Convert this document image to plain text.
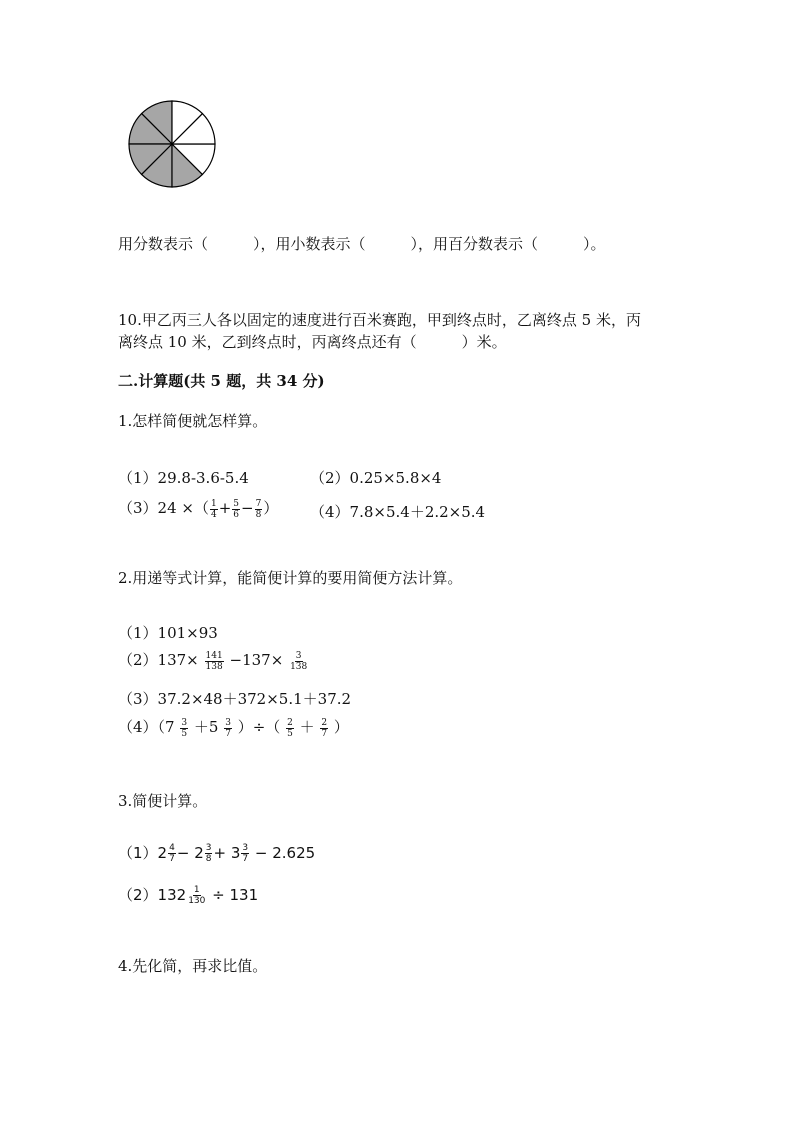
用分数表示（　　　），用小数表示（　　　），用百分数表示（　　　）。
10.甲乙丙三人各以固定的速度进行百米赛跑，甲到终点时，乙离终点 5 米，丙
离终点 10 米，乙到终点时，丙离终点还有（　　　）米。
二.计算题(共 5 题，共 34 分)
1.怎样简便就怎样算。
（1）29.8-3.6-5.4	（2）0.25×5.8×4
（3）24 ×（ $\frac{1}{4} + \frac{5}{6} - \frac{7}{8}$ ） （4）7.8×5.4＋2.2×5.4
2.用递等式计算，能简便计算的要用简便方法计算。
（1）101×93
$(2)137\times \frac{141}{138} -137\times \frac{3}{138}$
（3）37.2×48＋372×5.1＋37.2
$(4)(7 \frac{3}{5} +5 \frac{3}{7}$ ）÷（ $\frac{2}{5} + \frac{2}{7}$ ）
3.简便计算。
$(1)2 \frac{4}{7} - 2 \frac{3}{8} + 3 \frac{3}{7} - 2.625$
$(2)132 \frac{1}{130} \div 131$
4.先化简，再求比值。
